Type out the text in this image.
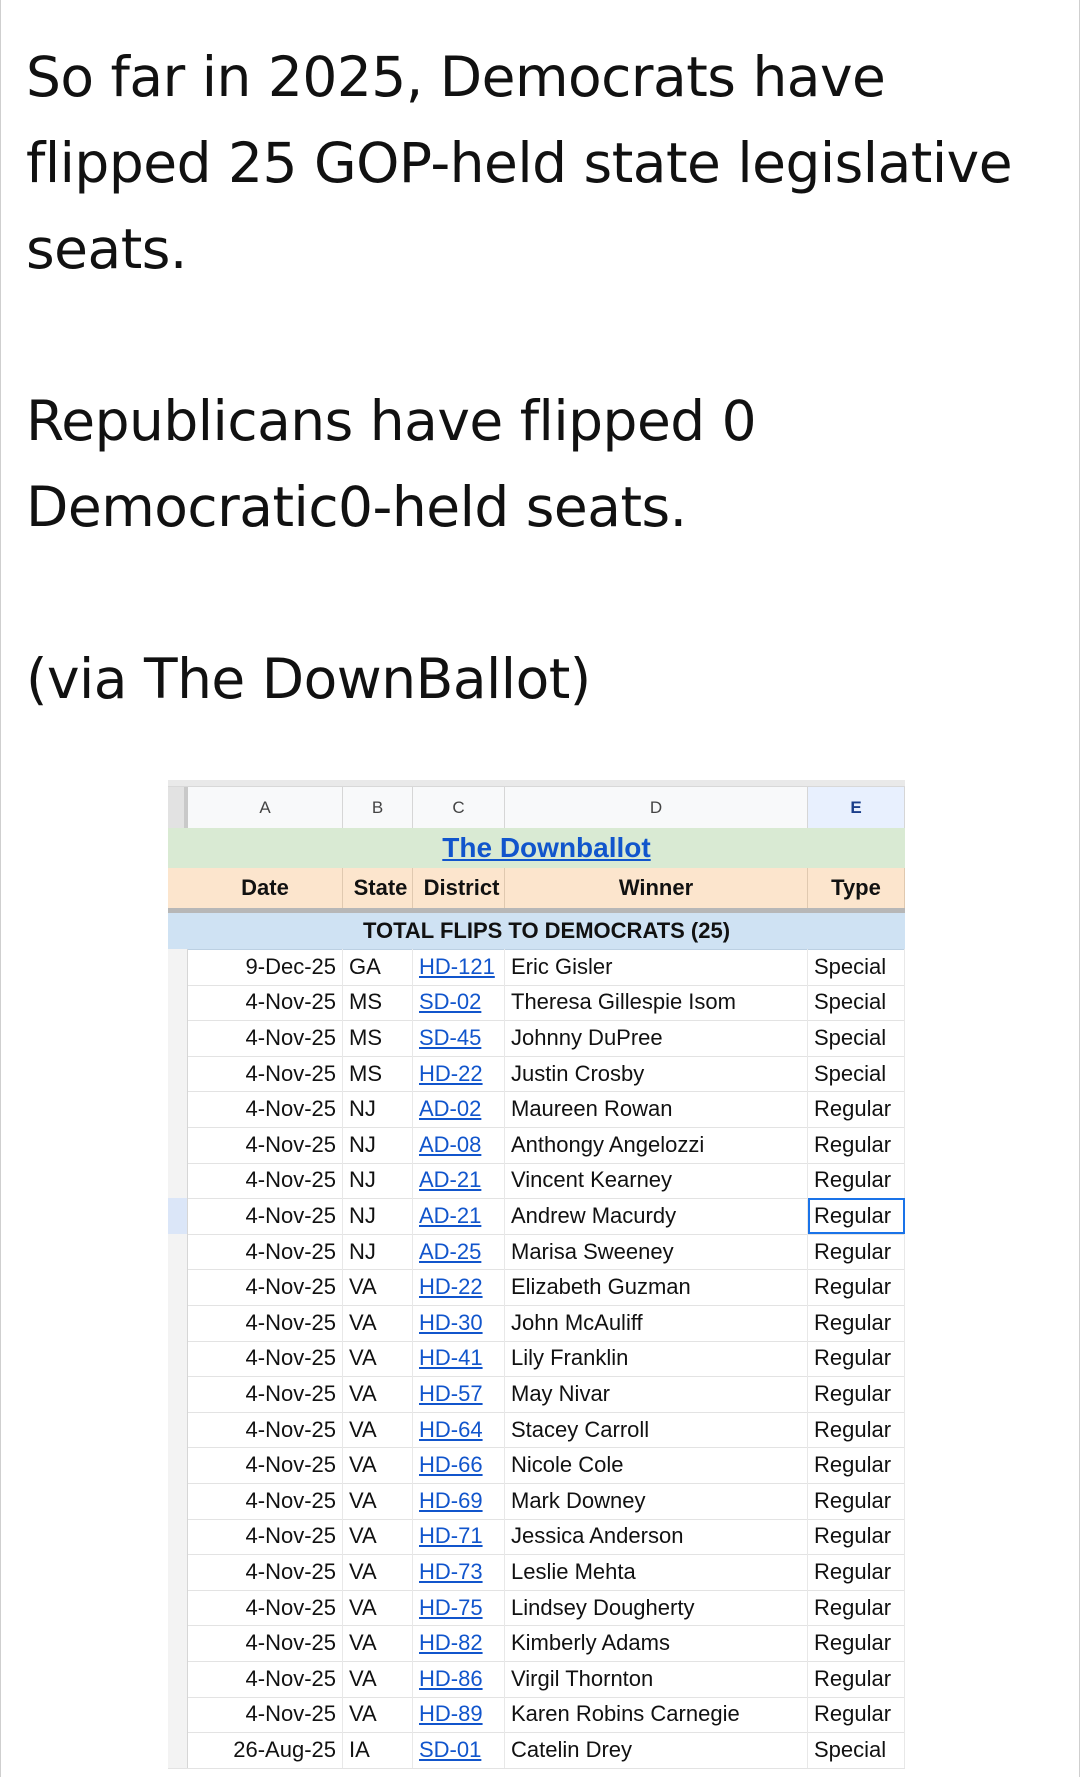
So far in 2025, Democrats have flipped 25 GOP-held state legislative seats.

Republicans have flipped 0 Democratic0-held seats.

(via The DownBallot)

A	B	C	D	E
The Downballot
Date	State District	Winner	Type
TOTAL FLIPS TO DEMOCRATS (25)
9-Dec-25 GA	HD-121 Eric Gisler	Special
4-Nov-25 MS	SD-02 Theresa Gillespie Isom	Special
4-Nov-25 MS	SD-45 Johnny DuPree	Special
4-Nov-25 MS	HD-22 Justin Crosby	Special
4-Nov-25 NJ	AD-02 Maureen Rowan	Regular
4-Nov-25 NJ	AD-08 Anthongy Angelozzi	Regular
4-Nov-25 NJ	AD-21 Vincent Kearney	Regular
4-Nov-25 NJ	AD-21 Andrew Macurdy	Regular
4-Nov-25 NJ	AD-25 Marisa Sweeney	Regular
4-Nov-25 VA	HD-22 Elizabeth Guzman	Regular
4-Nov-25 VA	HD-30 John McAuliff	Regular
4-Nov-25 VA	HD-41 Lily Franklin	Regular
4-Nov-25 VA	HD-57 May Nivar	Regular
4-Nov-25 VA	HD-64 Stacey Carroll	Regular
4-Nov-25 VA	HD-66 Nicole Cole	Regular
4-Nov-25 VA	HD-69 Mark Downey	Regular
4-Nov-25 VA	HD-71 Jessica Anderson	Regular
4-Nov-25 VA	HD-73 Leslie Mehta	Regular
4-Nov-25 VA	HD-75 Lindsey Dougherty	Regular
4-Nov-25 VA	HD-82 Kimberly Adams	Regular
4-Nov-25 VA	HD-86 Virgil Thornton	Regular
4-Nov-25 VA	HD-89 Karen Robins Carnegie	Regular
26-Aug-25 IA	SD-01 Catelin Drey	Special
